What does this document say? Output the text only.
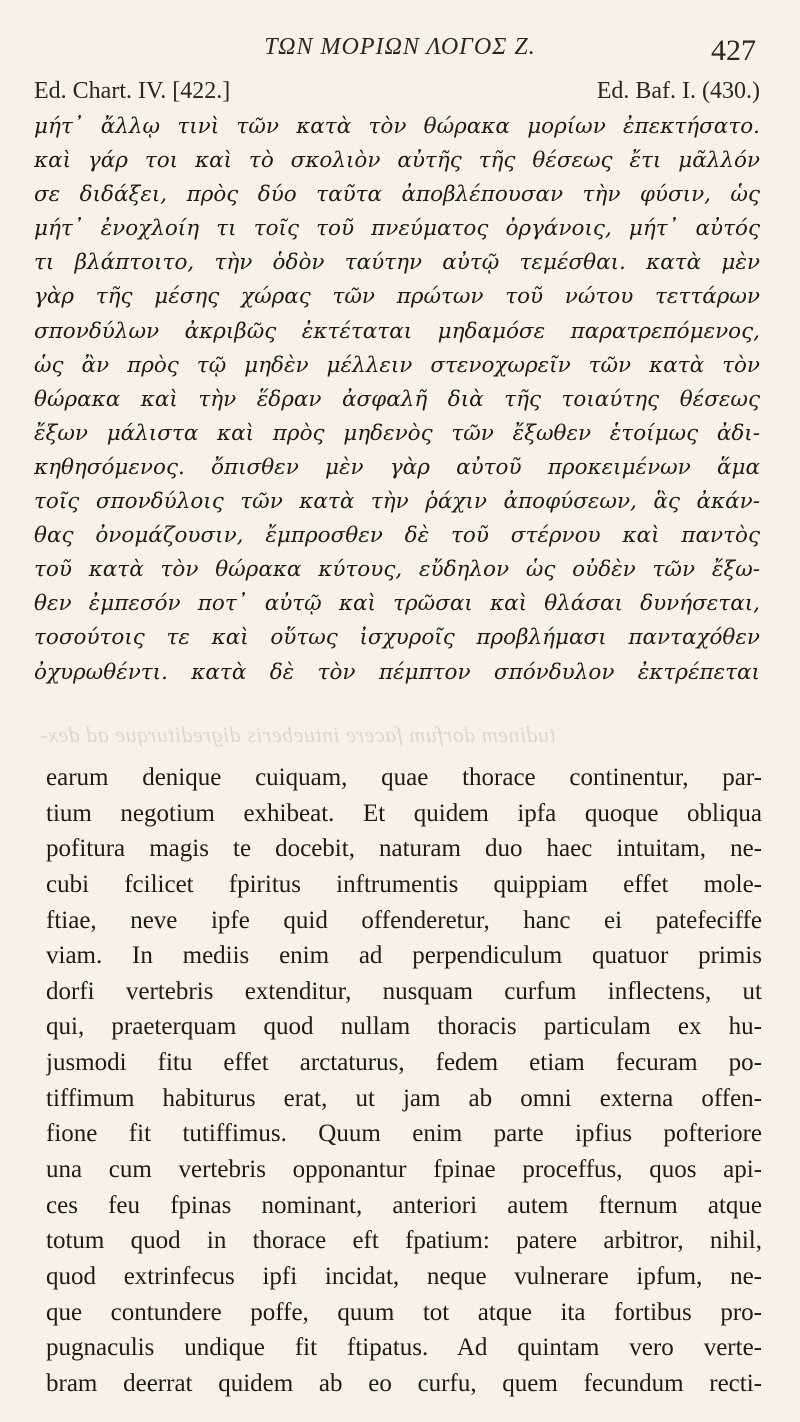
ΤΩΝ ΜΟΡΙΩΝ ΛΟΓΟΣ Ζ.	427
Ed. Chart. IV. [422.]	Ed. Baf. I. (430.)
μήτ᾽ ἄλλῳ τινὶ τῶν κατὰ τὸν θώρακα μορίων ἐπεκτήσατο.
καὶ γάρ τοι καὶ τὸ σκολιὸν αὐτῆς τῆς θέσεως ἔτι μᾶλλόν
σε διδάξει, πρὸς δύο ταῦτα ἀποβλέπουσαν τὴν φύσιν, ὡς
μήτ᾽ ἐνοχλοίη τι τοῖς τοῦ πνεύματος ὀργάνοις, μήτ᾽ αὐτός
τι βλάπτοιτο, τὴν ὁδὸν ταύτην αὐτῷ τεμέσθαι. κατὰ μὲν
γὰρ τῆς μέσης χώρας τῶν πρώτων τοῦ νώτου τεττάρων
σπονδύλων ἀκριβῶς ἐκτέταται μηδαμόσε παρατρεπόμενος,
ὡς ἂν πρὸς τῷ μηδὲν μέλλειν στενοχωρεῖν τῶν κατὰ τὸν
θώρακα καὶ τὴν ἕδραν ἀσφαλῆ διὰ τῆς τοιαύτης θέσεως
ἔξων μάλιστα καὶ πρὸς μηδενὸς τῶν ἔξωθεν ἑτοίμως ἀδι-
κηθησόμενος. ὄπισθεν μὲν γὰρ αὐτοῦ προκειμένων ἅμα
τοῖς σπονδύλοις τῶν κατὰ τὴν ῥάχιν ἀποφύσεων, ἃς ἀκάν-
θας ὀνομάζουσιν, ἔμπροσθεν δὲ τοῦ στέρνου καὶ παντὸς
τοῦ κατὰ τὸν θώρακα κύτους, εὔδηλον ὡς οὐδὲν τῶν ἔξω-
θεν ἐμπεσόν ποτ᾽ αὐτῷ καὶ τρῶσαι καὶ θλάσαι δυνήσεται,
τοσούτοις τε καὶ οὕτως ἰσχυροῖς προβλήμασι πανταχόθεν
ὀχυρωθέντι. κατὰ δὲ τὸν πέμπτον σπόνδυλον ἐκτρέπεται
tudinem dorfum facere intueberis digrediturque ad dex-
earum denique cuiquam, quae thorace continentur, par-
tium negotium exhibeat. Et quidem ipfa quoque obliqua
pofitura magis te docebit, naturam duo haec intuitam, ne-
cubi fcilicet fpiritus inftrumentis quippiam effet mole-
ftiae, neve ipfe quid offenderetur, hanc ei patefeciffe
viam. In mediis enim ad perpendiculum quatuor primis
dorfi vertebris extenditur, nusquam curfum inflectens, ut
qui, praeterquam quod nullam thoracis particulam ex hu-
jusmodi fitu effet arctaturus, fedem etiam fecuram po-
tiffimum habiturus erat, ut jam ab omni externa offen-
fione fit tutiffimus. Quum enim parte ipfius pofteriore
una cum vertebris opponantur fpinae proceffus, quos api-
ces feu fpinas nominant, anteriori autem fternum atque
totum quod in thorace eft fpatium: patere arbitror, nihil,
quod extrinfecus ipfi incidat, neque vulnerare ipfum, ne-
que contundere poffe, quum tot atque ita fortibus pro-
pugnaculis undique fit ftipatus. Ad quintam vero verte-
bram deerrat quidem ab eo curfu, quem fecundum recti-
